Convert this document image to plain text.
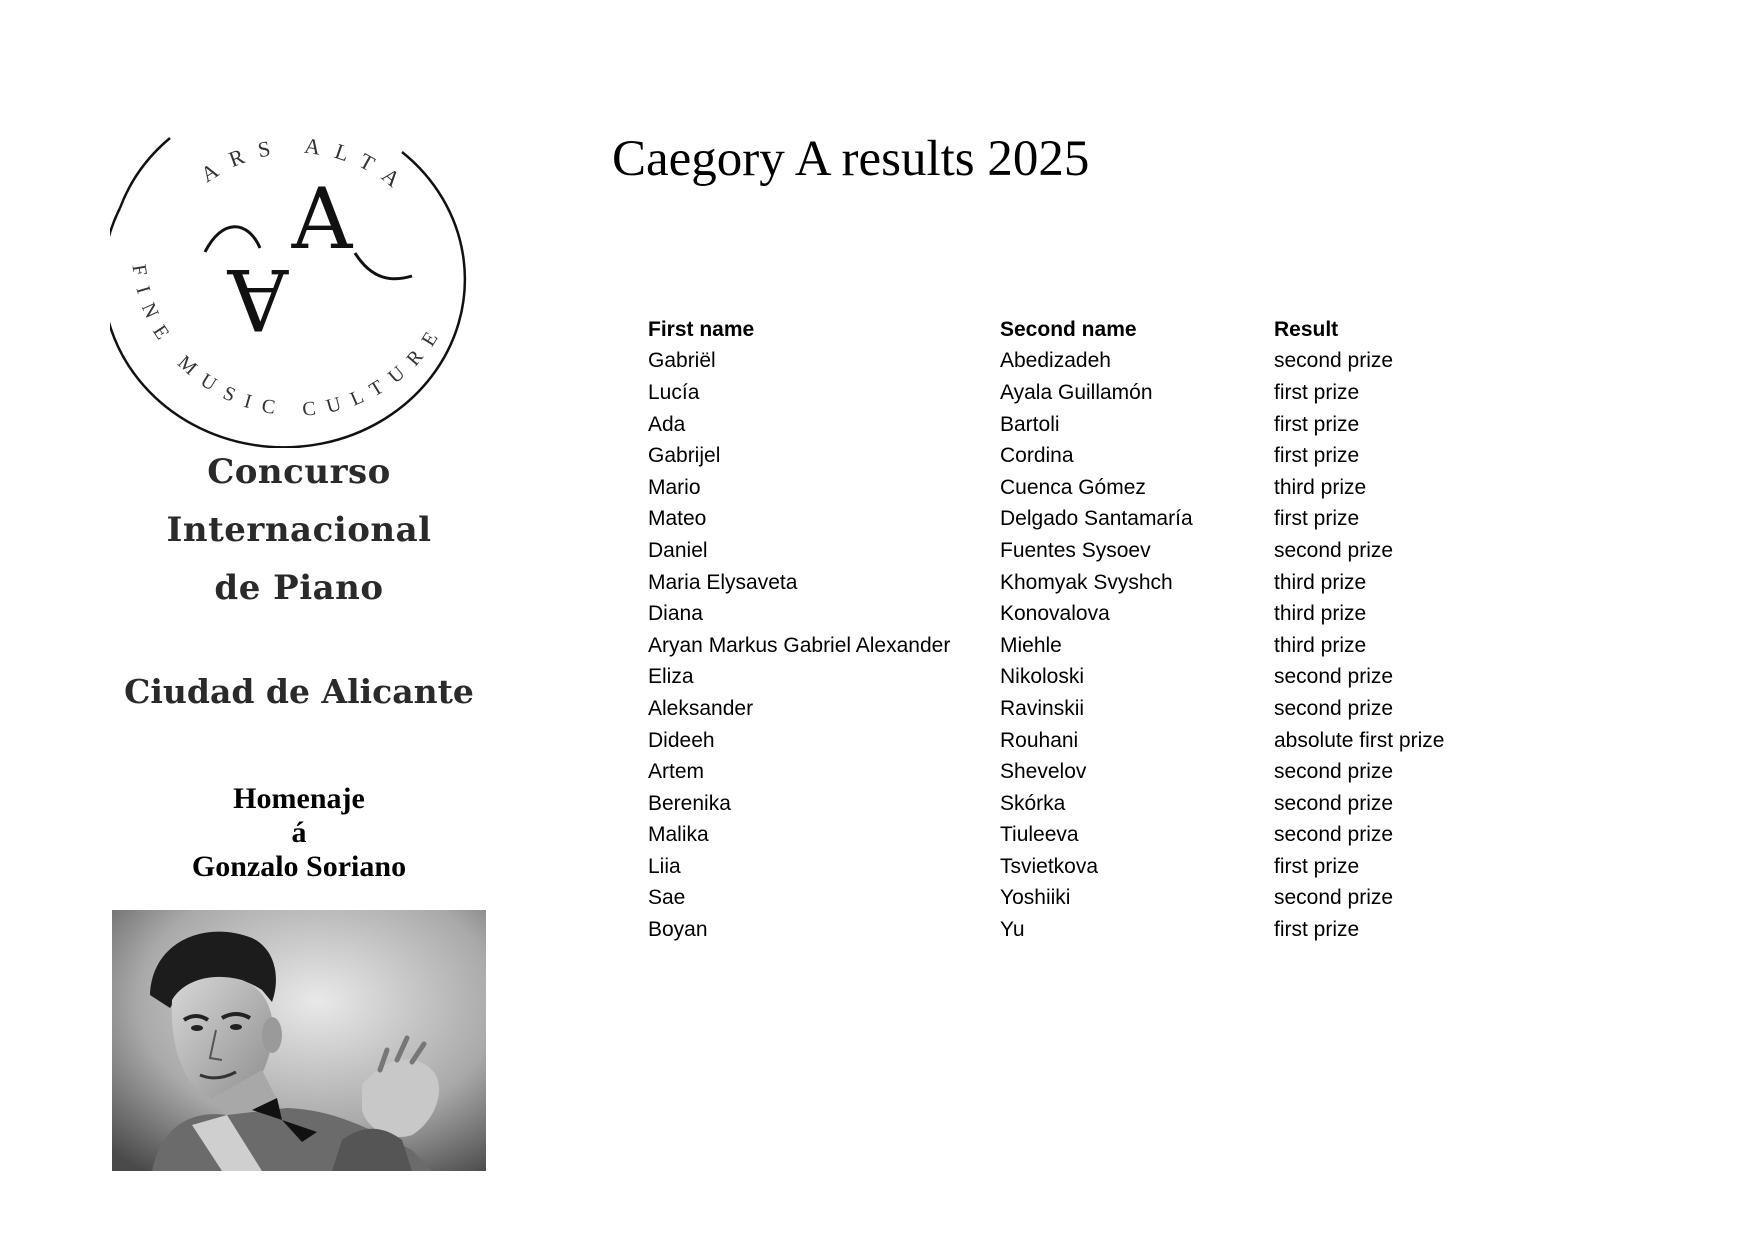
ARS ALTA
FINE MUSIC CULTURE
A
A
Concurso
Internacional
de Piano
Ciudad de Alicante
Homenaje
á
Gonzalo Soriano
Caegory A results 2025
First name	Second name	Result
Gabriël	Abedizadeh	second prize
Lucía	Ayala Guillamón	first prize
Ada	Bartoli	first prize
Gabrijel	Cordina	first prize
Mario	Cuenca Gómez	third prize
Mateo	Delgado Santamaría	first prize
Daniel	Fuentes Sysoev	second prize
Maria Elysaveta	Khomyak Svyshch	third prize
Diana	Konovalova	third prize
Aryan Markus Gabriel Alexander	Miehle	third prize
Eliza	Nikoloski	second prize
Aleksander	Ravinskii	second prize
Dideeh	Rouhani	absolute first prize
Artem	Shevelov	second prize
Berenika	Skórka	second prize
Malika	Tiuleeva	second prize
Liia	Tsvietkova	first prize
Sae	Yoshiiki	second prize
Boyan	Yu	first prize
